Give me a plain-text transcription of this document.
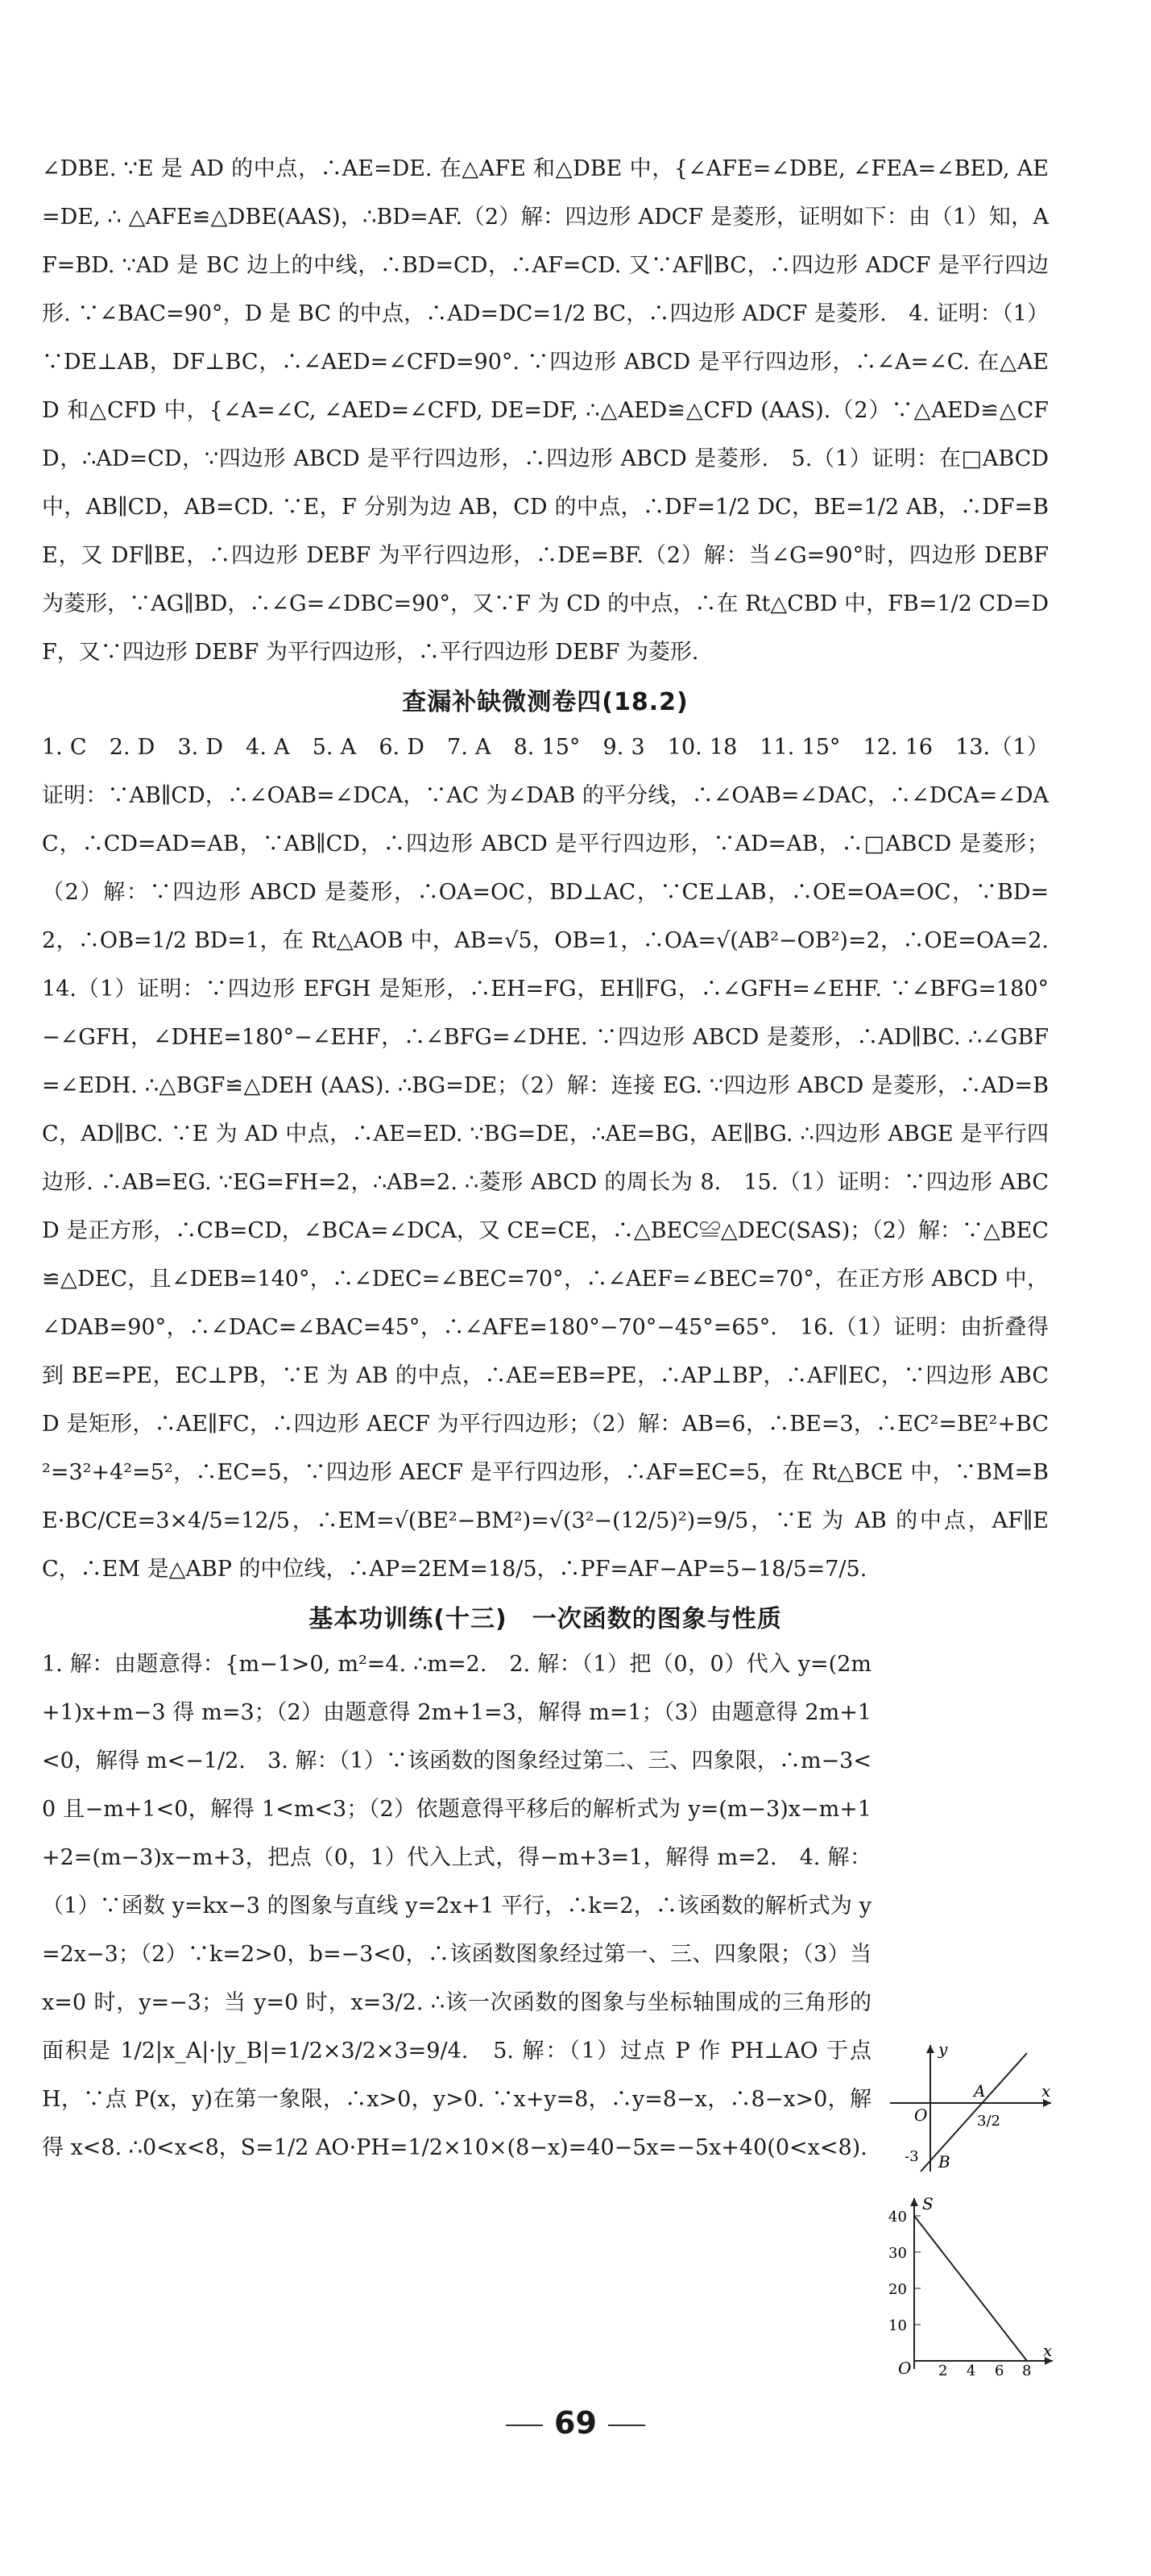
∠DBE. ∵E 是 AD 的中点，∴AE=DE. 在△AFE 和△DBE 中，{∠AFE=∠DBE, ∠FEA=∠BED, AE=DE, ∴ △AFE≌△DBE(AAS)，∴BD=AF.（2）解：四边形 ADCF 是菱形，证明如下：由（1）知，AF=BD. ∵AD 是 BC 边上的中线，∴BD=CD，∴AF=CD. 又∵AF∥BC，∴四边形 ADCF 是平行四边形. ∵∠BAC=90°，D 是 BC 的中点，∴AD=DC=1/2 BC，∴四边形 ADCF 是菱形.　4. 证明：（1）∵DE⊥AB，DF⊥BC，∴∠AED=∠CFD=90°. ∵四边形 ABCD 是平行四边形，∴∠A=∠C. 在△AED 和△CFD 中，{∠A=∠C, ∠AED=∠CFD, DE=DF, ∴△AED≌△CFD (AAS).（2）∵△AED≌△CFD，∴AD=CD，∵四边形 ABCD 是平行四边形，∴四边形 ABCD 是菱形.　5.（1）证明：在□ABCD 中，AB∥CD，AB=CD. ∵E，F 分别为边 AB，CD 的中点，∴DF=1/2 DC，BE=1/2 AB，∴DF=BE，又 DF∥BE，∴四边形 DEBF 为平行四边形，∴DE=BF.（2）解：当∠G=90°时，四边形 DEBF 为菱形，∵AG∥BD，∴∠G=∠DBC=90°，又∵F 为 CD 的中点，∴在 Rt△CBD 中，FB=1/2 CD=DF，又∵四边形 DEBF 为平行四边形，∴平行四边形 DEBF 为菱形.

查漏补缺微测卷四(18.2)

1. C　2. D　3. D　4. A　5. A　6. D　7. A　8. 15°　9. 3　10. 18　11. 15°　12. 16　13.（1）证明：∵AB∥CD，∴∠OAB=∠DCA，∵AC 为∠DAB 的平分线，∴∠OAB=∠DAC，∴∠DCA=∠DAC，∴CD=AD=AB，∵AB∥CD，∴四边形 ABCD 是平行四边形，∵AD=AB，∴□ABCD 是菱形；（2）解：∵四边形 ABCD 是菱形，∴OA=OC，BD⊥AC，∵CE⊥AB，∴OE=OA=OC，∵BD=2，∴OB=1/2 BD=1，在 Rt△AOB 中，AB=√5，OB=1，∴OA=√(AB²−OB²)=2，∴OE=OA=2.　14.（1）证明：∵四边形 EFGH 是矩形，∴EH=FG，EH∥FG，∴∠GFH=∠EHF. ∵∠BFG=180°−∠GFH，∠DHE=180°−∠EHF，∴∠BFG=∠DHE. ∵四边形 ABCD 是菱形，∴AD∥BC. ∴∠GBF=∠EDH. ∴△BGF≌△DEH (AAS). ∴BG=DE；（2）解：连接 EG. ∵四边形 ABCD 是菱形，∴AD=BC，AD∥BC. ∵E 为 AD 中点，∴AE=ED. ∵BG=DE，∴AE=BG，AE∥BG. ∴四边形 ABGE 是平行四边形. ∴AB=EG. ∵EG=FH=2，∴AB=2. ∴菱形 ABCD 的周长为 8.　15.（1）证明：∵四边形 ABCD 是正方形，∴CB=CD，∠BCA=∠DCA，又 CE=CE，∴△BEC≌△DEC(SAS)；（2）解：∵△BEC≌△DEC，且∠DEB=140°，∴∠DEC=∠BEC=70°，∴∠AEF=∠BEC=70°，在正方形 ABCD 中，∠DAB=90°，∴∠DAC=∠BAC=45°，∴∠AFE=180°−70°−45°=65°.　16.（1）证明：由折叠得到 BE=PE，EC⊥PB，∵E 为 AB 的中点，∴AE=EB=PE，∴AP⊥BP，∴AF∥EC，∵四边形 ABCD 是矩形，∴AE∥FC，∴四边形 AECF 为平行四边形；（2）解：AB=6，∴BE=3，∴EC²=BE²+BC²=3²+4²=5²，∴EC=5，∵四边形 AECF 是平行四边形，∴AF=EC=5，在 Rt△BCE 中，∵BM=BE·BC/CE=3×4/5=12/5，∴EM=√(BE²−BM²)=√(3²−(12/5)²)=9/5，∵E 为 AB 的中点，AF∥EC，∴EM 是△ABP 的中位线，∴AP=2EM=18/5，∴PF=AF−AP=5−18/5=7/5.

基本功训练(十三)　一次函数的图象与性质

1. 解：由题意得：{m−1>0, m²=4. ∴m=2.　2. 解：（1）把（0，0）代入 y=(2m+1)x+m−3 得 m=3；（2）由题意得 2m+1=3，解得 m=1；（3）由题意得 2m+1<0，解得 m<−1/2.　3. 解：（1）∵该函数的图象经过第二、三、四象限，∴m−3<0 且−m+1<0，解得 1<m<3；（2）依题意得平移后的解析式为 y=(m−3)x−m+1+2=(m−3)x−m+3，把点（0，1）代入上式，得−m+3=1，解得 m=2.　4. 解：（1）∵函数 y=kx−3 的图象与直线 y=2x+1 平行，∴k=2，∴该函数的解析式为 y=2x−3；（2）∵k=2>0，b=−3<0，∴该函数图象经过第一、三、四象限；（3）当 x=0 时，y=−3；当 y=0 时，x=3/2. ∴该一次函数的图象与坐标轴围成的三角形的面积是 1/2|x_A|·|y_B|=1/2×3/2×3=9/4.　5. 解：（1）过点 P 作 PH⊥AO 于点 H，∵点 P(x，y)在第一象限，∴x>0，y>0. ∵x+y=8，∴y=8−x，∴8−x>0，解得 x<8. ∴0<x<8，S=1/2 AO·PH=1/2×10×(8−x)=40−5x=−5x+40(0<x<8).

y
x
O
A
B
3/2
-3
S
40
30
20
10
O 2 4 6 8
x
69
